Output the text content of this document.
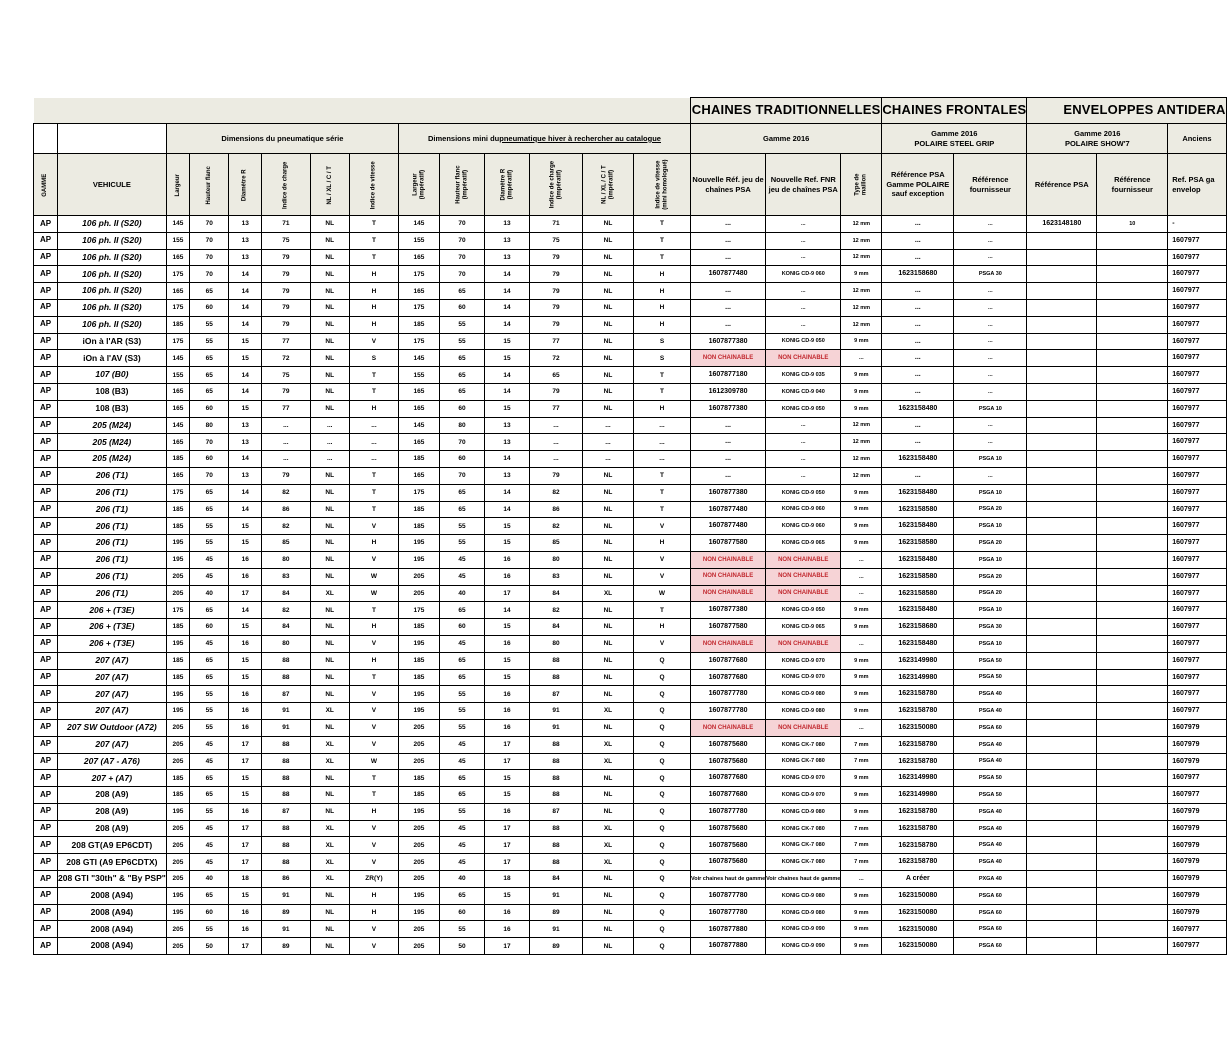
														CHAINES TRADITIONNELLES			CHAINES FRONTALES		ENVELOPPES ANTIDERA		
		Dimensions du pneumatique série						Dimensions mini dupneumatique hiver à rechercher au catalogue						Gamme 2016			Gamme 2016
POLAIRE STEEL GRIP		Gamme 2016
POLAIRE SHOW'7		Anciens
GAMME	VEHICULE	Largeur	Hauteur flanc	Diamètre R	Indice de charge	NL / XL / C / T	Indice de vitesse	Largeur (impératif)	Hauteur flanc (impératif)	Diamètre R (impératif)	Indice de charge (impératif)	NL / XL / C / T (impératif)	Indice de vitesse (mini homologué)	Nouvelle Réf. jeu de chaînes PSA	Nouvelle Ref. FNR jeu de chaînes PSA	Type de maillon	Référence PSA Gamme POLAIRE sauf exception	Référence fournisseur	Référence PSA	Référence fournisseur	Ref. PSA ga envelop
AP	106 ph. II (S20)	145	70	13	71	NL	T	145	70	13	71	NL	T	...	...	12 mm	...	...	1623148180	10	-
AP	106 ph. II (S20)	155	70	13	75	NL	T	155	70	13	75	NL	T	...	...	12 mm	...	...			1607977
AP	106 ph. II (S20)	165	70	13	79	NL	T	165	70	13	79	NL	T	...	...	12 mm	...	...			1607977
AP	106 ph. II (S20)	175	70	14	79	NL	H	175	70	14	79	NL	H	1607877480	KONIG CD-9 060	9 mm	1623158680	PSGA 30			1607977
AP	106 ph. II (S20)	165	65	14	79	NL	H	165	65	14	79	NL	H	...	...	12 mm	...	...			1607977
AP	106 ph. II (S20)	175	60	14	79	NL	H	175	60	14	79	NL	H	...	...	12 mm	...	...			1607977
AP	106 ph. II (S20)	185	55	14	79	NL	H	185	55	14	79	NL	H	...	...	12 mm	...	...			1607977
AP	iOn à l'AR (S3)	175	55	15	77	NL	V	175	55	15	77	NL	S	1607877380	KONIG CD-9 050	9 mm	...	...			1607977
AP	iOn à l'AV (S3)	145	65	15	72	NL	S	145	65	15	72	NL	S	NON CHAINABLE	NON CHAINABLE	...	...	...			1607977
AP	107 (B0)	155	65	14	75	NL	T	155	65	14	65	NL	T	1607877180	KONIG CD-9 035	9 mm	...	...			1607977
AP	108 (B3)	165	65	14	79	NL	T	165	65	14	79	NL	T	1612309780	KONIG CD-9 040	9 mm	...	...			1607977
AP	108 (B3)	165	60	15	77	NL	H	165	60	15	77	NL	H	1607877380	KONIG CD-9 050	9 mm	1623158480	PSGA 10			1607977
AP	205 (M24)	145	80	13	...	...	...	145	80	13	...	...	...	...	...	12 mm	...	...			1607977
AP	205 (M24)	165	70	13	...	...	...	165	70	13	...	...	...	...	...	12 mm	...	...			1607977
AP	205 (M24)	185	60	14	...	...	...	185	60	14	...	...	...	...	...	12 mm	1623158480	PSGA 10			1607977
AP	206 (T1)	165	70	13	79	NL	T	165	70	13	79	NL	T	...	...	12 mm	...	...			1607977
AP	206 (T1)	175	65	14	82	NL	T	175	65	14	82	NL	T	1607877380	KONIG CD-9 050	9 mm	1623158480	PSGA 10			1607977
AP	206 (T1)	185	65	14	86	NL	T	185	65	14	86	NL	T	1607877480	KONIG CD-9 060	9 mm	1623158580	PSGA 20			1607977
AP	206 (T1)	185	55	15	82	NL	V	185	55	15	82	NL	V	1607877480	KONIG CD-9 060	9 mm	1623158480	PSGA 10			1607977
AP	206 (T1)	195	55	15	85	NL	H	195	55	15	85	NL	H	1607877580	KONIG CD-9 065	9 mm	1623158580	PSGA 20			1607977
AP	206 (T1)	195	45	16	80	NL	V	195	45	16	80	NL	V	NON CHAINABLE	NON CHAINABLE	...	1623158480	PSGA 10			1607977
AP	206 (T1)	205	45	16	83	NL	W	205	45	16	83	NL	V	NON CHAINABLE	NON CHAINABLE	...	1623158580	PSGA 20			1607977
AP	206 (T1)	205	40	17	84	XL	W	205	40	17	84	XL	W	NON CHAINABLE	NON CHAINABLE	...	1623158580	PSGA 20			1607977
AP	206 + (T3E)	175	65	14	82	NL	T	175	65	14	82	NL	T	1607877380	KONIG CD-9 050	9 mm	1623158480	PSGA 10			1607977
AP	206 + (T3E)	185	60	15	84	NL	H	185	60	15	84	NL	H	1607877580	KONIG CD-9 065	9 mm	1623158680	PSGA 30			1607977
AP	206 + (T3E)	195	45	16	80	NL	V	195	45	16	80	NL	V	NON CHAINABLE	NON CHAINABLE	...	1623158480	PSGA 10			1607977
AP	207 (A7)	185	65	15	88	NL	H	185	65	15	88	NL	Q	1607877680	KONIG CD-9 070	9 mm	1623149980	PSGA 50			1607977
AP	207 (A7)	185	65	15	88	NL	T	185	65	15	88	NL	Q	1607877680	KONIG CD-9 070	9 mm	1623149980	PSGA 50			1607977
AP	207 (A7)	195	55	16	87	NL	V	195	55	16	87	NL	Q	1607877780	KONIG CD-9 080	9 mm	1623158780	PSGA 40			1607977
AP	207 (A7)	195	55	16	91	XL	V	195	55	16	91	XL	Q	1607877780	KONIG CD-9 080	9 mm	1623158780	PSGA 40			1607977
AP	207 SW Outdoor (A72)	205	55	16	91	NL	V	205	55	16	91	NL	Q	NON CHAINABLE	NON CHAINABLE	...	1623150080	PSGA 60			1607979
AP	207 (A7)	205	45	17	88	XL	V	205	45	17	88	XL	Q	1607875680	KONIG CK-7 080	7 mm	1623158780	PSGA 40			1607979
AP	207 (A7 - A76)	205	45	17	88	XL	W	205	45	17	88	XL	Q	1607875680	KONIG CK-7 080	7 mm	1623158780	PSGA 40			1607979
AP	207 + (A7)	185	65	15	88	NL	T	185	65	15	88	NL	Q	1607877680	KONIG CD-9 070	9 mm	1623149980	PSGA 50			1607977
AP	208 (A9)	185	65	15	88	NL	T	185	65	15	88	NL	Q	1607877680	KONIG CD-9 070	9 mm	1623149980	PSGA 50			1607977
AP	208 (A9)	195	55	16	87	NL	H	195	55	16	87	NL	Q	1607877780	KONIG CD-9 080	9 mm	1623158780	PSGA 40			1607979
AP	208 (A9)	205	45	17	88	XL	V	205	45	17	88	XL	Q	1607875680	KONIG CK-7 080	7 mm	1623158780	PSGA 40			1607979
AP	208 GT(A9 EP6CDT)	205	45	17	88	XL	V	205	45	17	88	XL	Q	1607875680	KONIG CK-7 080	7 mm	1623158780	PSGA 40			1607979
AP	208 GTI (A9 EP6CDTX)	205	45	17	88	XL	V	205	45	17	88	XL	Q	1607875680	KONIG CK-7 080	7 mm	1623158780	PSGA 40			1607979
AP	208 GTI "30th" & "By PSP"	205	40	18	86	XL	ZR(Y)	205	40	18	84	NL	Q	Voir chaines haut de gamme	Voir chaines haut de gamme	...	A créer	PXGA 40			1607979
AP	2008 (A94)	195	65	15	91	NL	H	195	65	15	91	NL	Q	1607877780	KONIG CD-9 080	9 mm	1623150080	PSGA 60			1607979
AP	2008 (A94)	195	60	16	89	NL	H	195	60	16	89	NL	Q	1607877780	KONIG CD-9 080	9 mm	1623150080	PSGA 60			1607979
AP	2008 (A94)	205	55	16	91	NL	V	205	55	16	91	NL	Q	1607877880	KONIG CD-9 090	9 mm	1623150080	PSGA 60			1607977
AP	2008 (A94)	205	50	17	89	NL	V	205	50	17	89	NL	Q	1607877880	KONIG CD-9 090	9 mm	1623150080	PSGA 60			1607977
